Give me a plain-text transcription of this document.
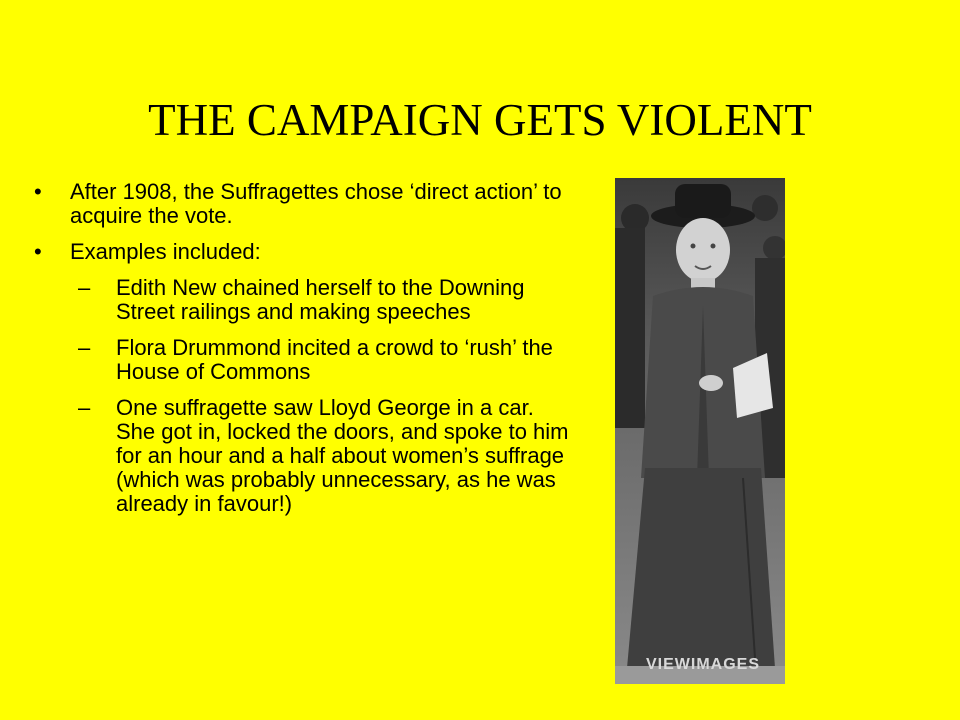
THE CAMPAIGN GETS VIOLENT
• After 1908, the Suffragettes chose ‘direct action’ to acquire the vote.
• Examples included:
– Edith New chained herself to the Downing Street railings and making speeches
– Flora Drummond incited a crowd to ‘rush’ the House of Commons
– One suffragette saw Lloyd George in a car. She got in, locked the doors, and spoke to him for an hour and a half about women’s suffrage (which was probably unnecessary, as he was already in favour!)
VIEWIMAGES
